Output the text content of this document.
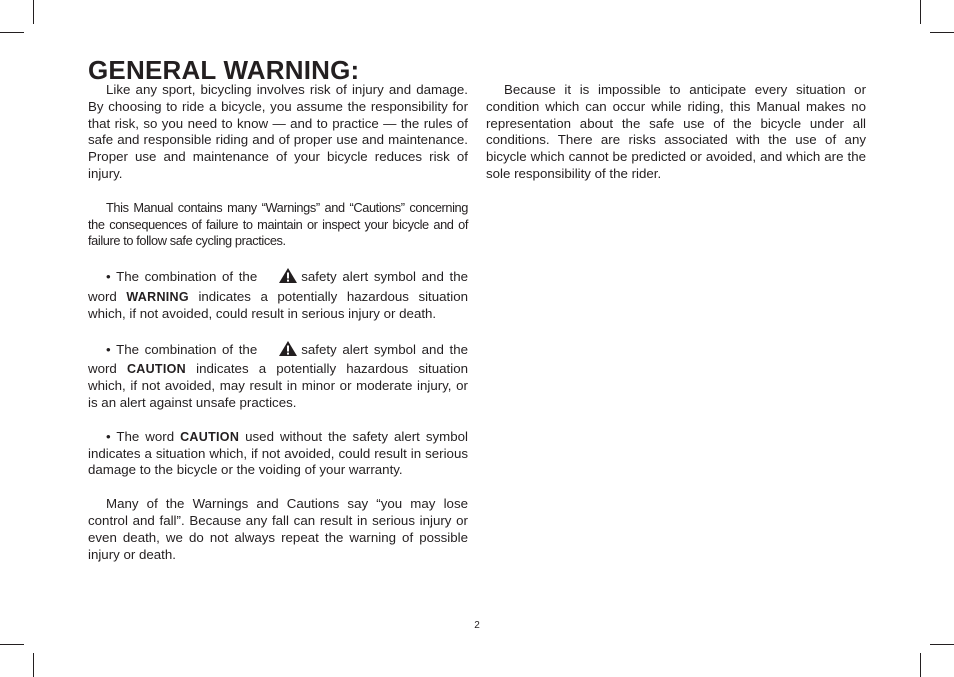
GENERAL WARNING:

Like any sport, bicycling involves risk of injury and damage. By choosing to ride a bicycle, you assume the responsibility for that risk, so you need to know — and to practice — the rules of safe and responsible riding and of proper use and maintenance. Proper use and maintenance of your bicycle reduces risk of injury.

This Manual contains many “Warnings” and “Cautions” concerning the consequences of failure to maintain or inspect your bicycle and of failure to follow safe cycling practices.

• The combination of the	safety alert symbol and the word WARNING indicates a potentially hazardous situation which, if not avoided, could result in serious injury or death.

• The combination of the	safety alert symbol and the word CAUTION indicates a potentially hazardous situation which, if not avoided, may result in minor or moderate injury, or is an alert against unsafe practices.

• The word CAUTION used without the safety alert symbol indicates a situation which, if not avoided, could result in serious damage to the bicycle or the voiding of your warranty.

Many of the Warnings and Cautions say “you may lose control and fall”. Because any fall can result in serious injury or even death, we do not always repeat the warning of possible injury or death.

Because it is impossible to anticipate every situation or condition which can occur while riding, this Manual makes no representation about the safe use of the bicycle under all conditions. There are risks associated with the use of any bicycle which cannot be predicted or avoided, and which are the sole responsibility of the rider.

2
